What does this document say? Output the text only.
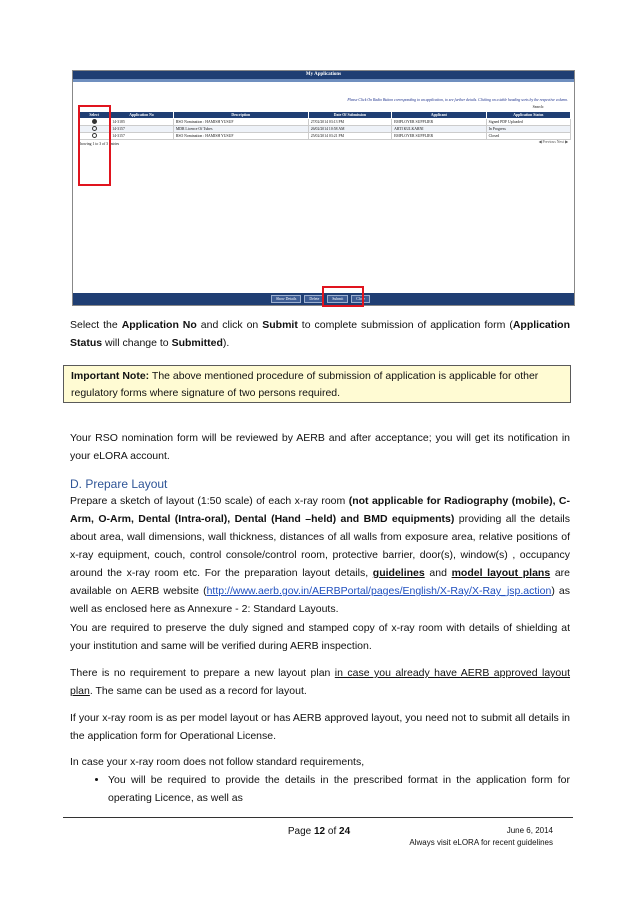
My Applications
Please Click On Radio Button corresponding to an application, to see further details. Clicking on a table heading sorts by the respective column.
Search:
Select	Application No	Description	Date Of Submission	Applicant	Application Status
	14-3185	RSO Nomination : HAMISH YUSUF	27/02/2014 03:13 PM	EMPLOYER SUPPLIER	Signed PDF Uploaded
	14-3157	MDR Licence Of Tubes	26/02/2014 10:58 AM	ARTI KULKARNI	In Progress
	14-3157	RSO Nomination : HAMISH YUSUF	25/02/2014 03:21 PM	EMPLOYER SUPPLIER	Closed
Showing 1 to 3 of 3 entries	◀ Previous Next ▶
Show Details	Delete	Submit	Close
Select the Application No and click on Submit to complete submission of application form (Application Status will change to Submitted).
Important Note: The above mentioned procedure of submission of application is applicable for other regulatory forms where signature of two persons required.
Your RSO nomination form will be reviewed by AERB and after acceptance; you will get its notification in your eLORA account.
D. Prepare Layout
Prepare a sketch of layout (1:50 scale) of each x-ray room (not applicable for Radiography (mobile), C-Arm, O-Arm, Dental (Intra-oral), Dental (Hand –held) and BMD equipments) providing all the details about area, wall dimensions, wall thickness, distances of all walls from exposure area, relative positions of x-ray equipment, couch, control console/control room, protective barrier, door(s), window(s) , occupancy around the x-ray room etc. For the preparation layout details, guidelines and model layout plans are available on AERB website (http://www.aerb.gov.in/AERBPortal/pages/English/X-Ray/X-Ray_jsp.action) as well as enclosed here as Annexure - 2: Standard Layouts.
You are required to preserve the duly signed and stamped copy of x-ray room with details of shielding at your institution and same will be verified during AERB inspection.
There is no requirement to prepare a new layout plan in case you already have AERB approved layout plan. The same can be used as a record for layout.
If your x-ray room is as per model layout or has AERB approved layout, you need not to submit all details in the application form for Operational License.
In case your x-ray room does not follow standard requirements,
• You will be required to provide the details in the prescribed format in the application form for operating Licence, as well as
Page 12 of 24	June 6, 2014
Always visit eLORA for recent guidelines
